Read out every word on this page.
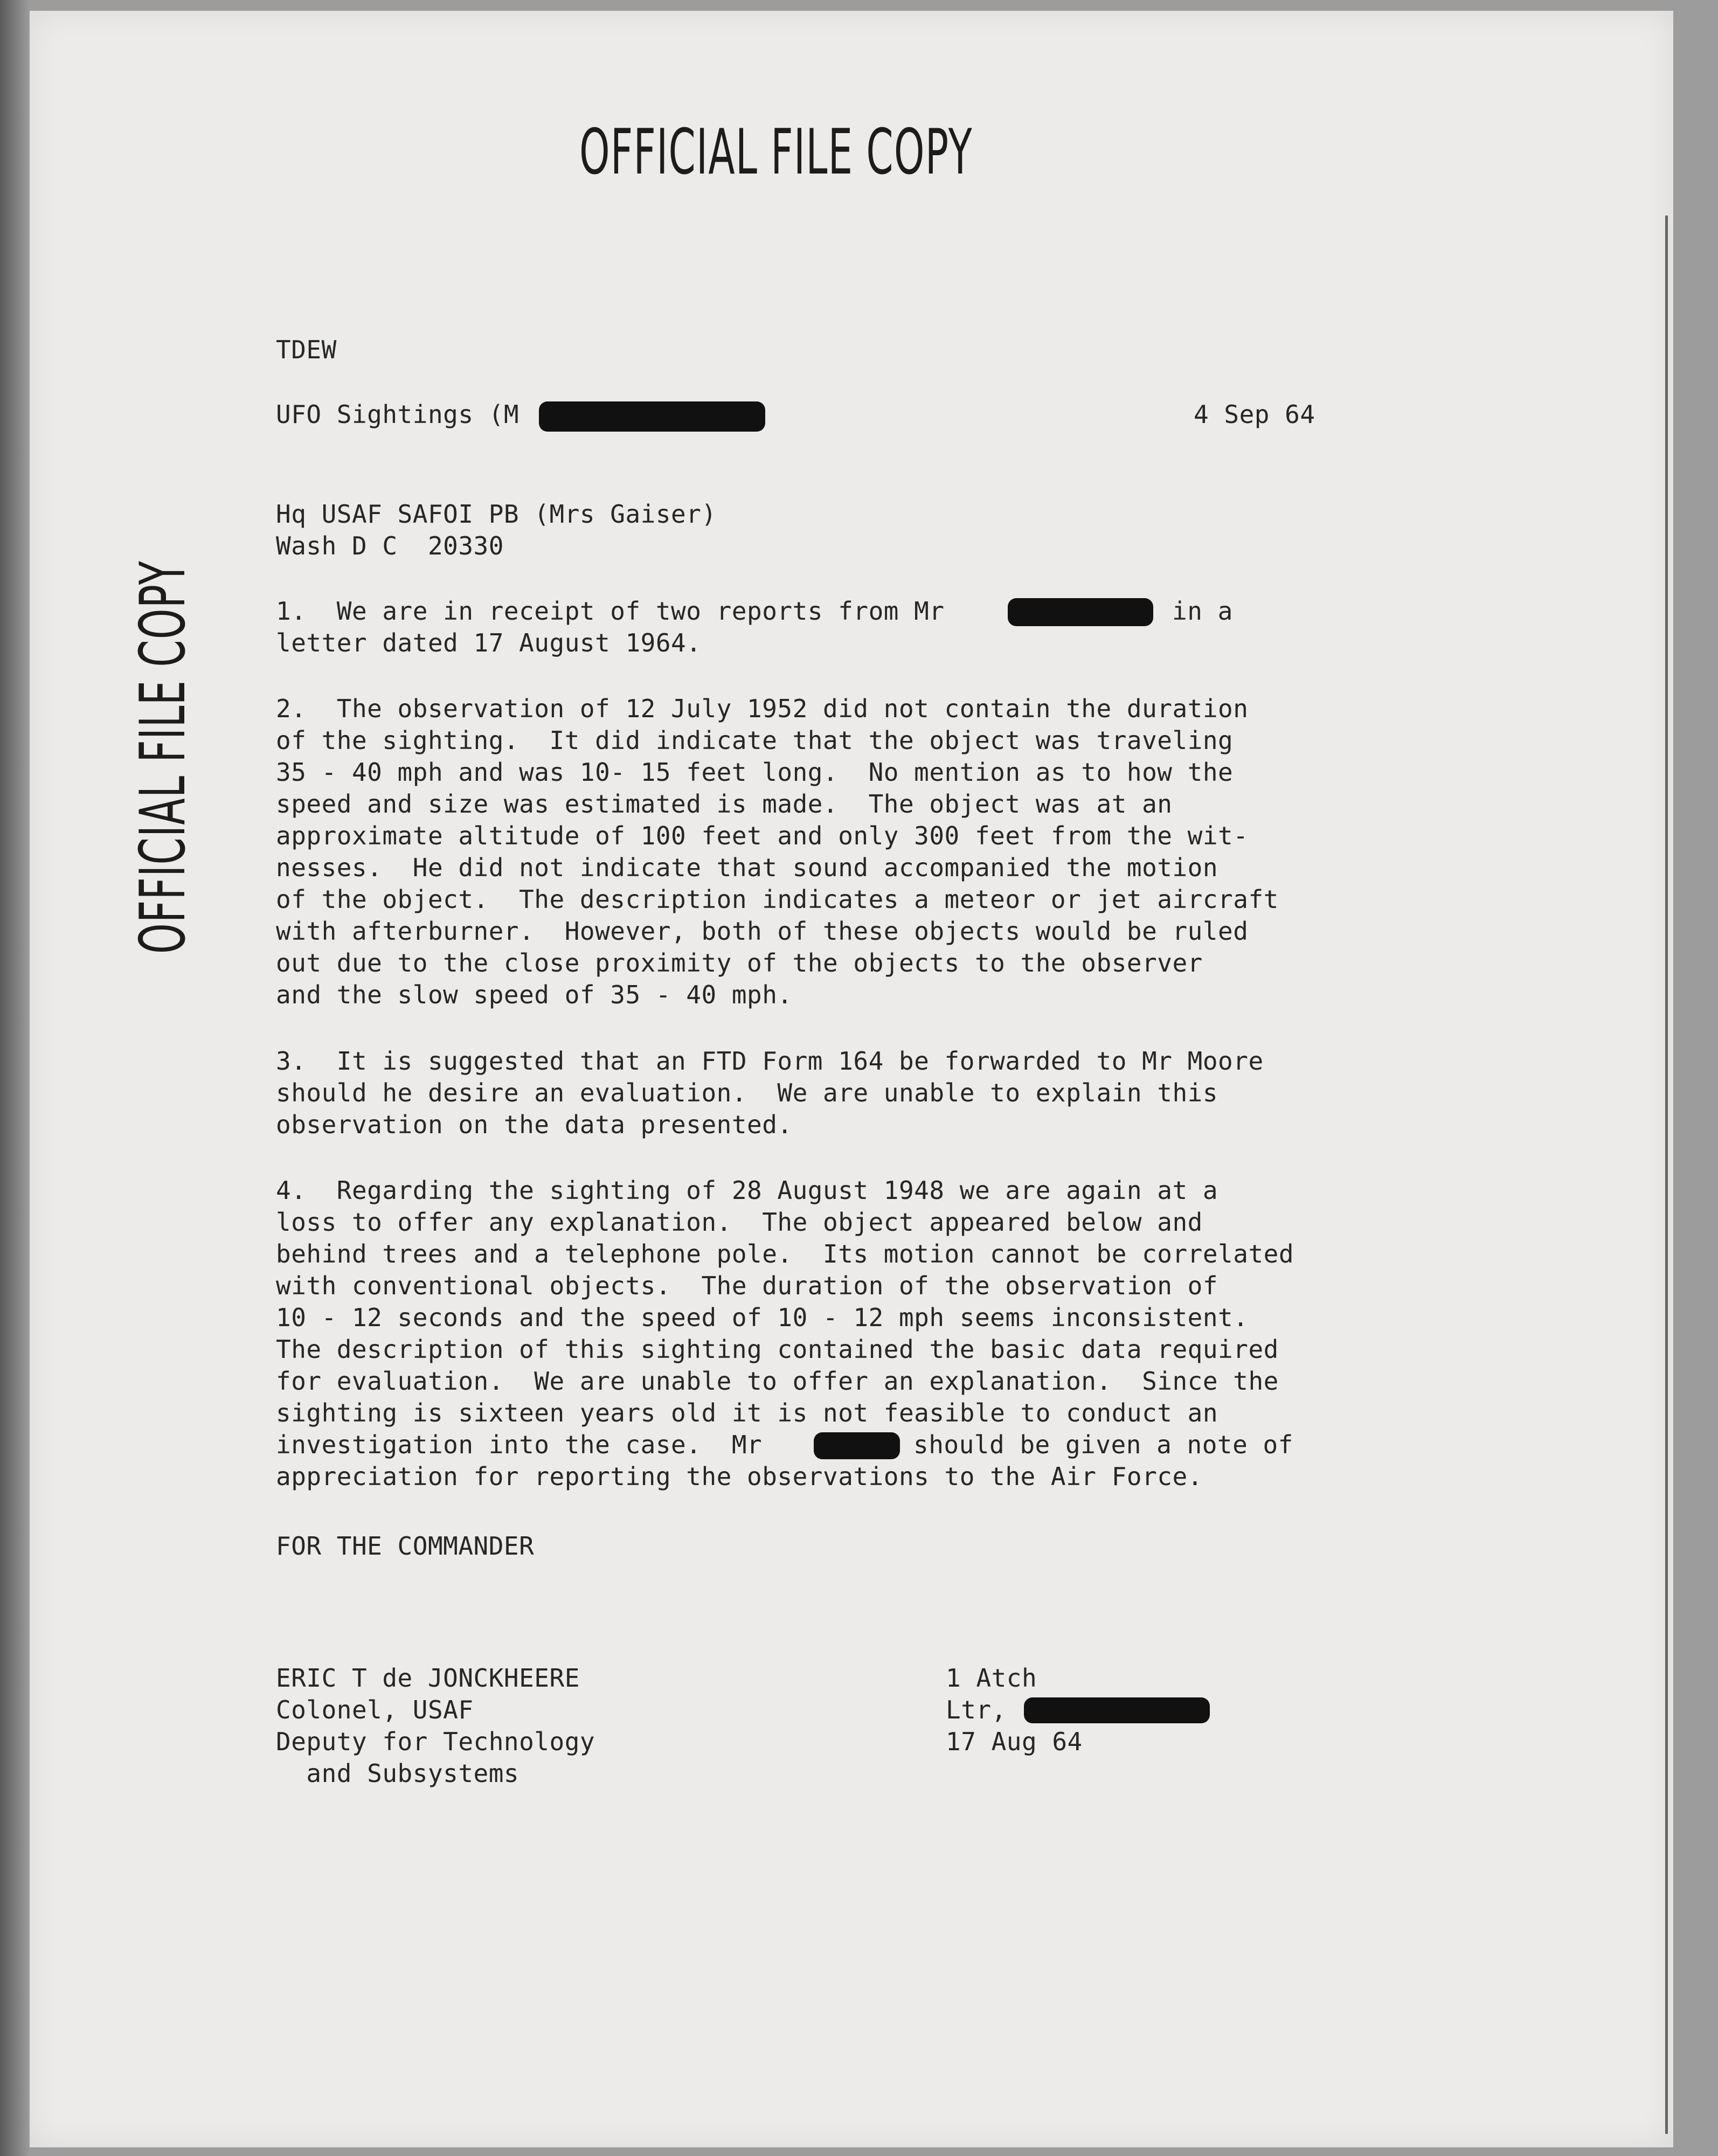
OFFICIAL FILE COPY
OFFICIAL FILE COPY
TDEW
UFO Sightings (M	4 Sep 64
Hq USAF SAFOI PB (Mrs Gaiser)
Wash D C  20330
1.  We are in receipt of two reports from Mr	in a
letter dated 17 August 1964.
2.  The observation of 12 July 1952 did not contain the duration
of the sighting.  It did indicate that the object was traveling
35 - 40 mph and was 10- 15 feet long.  No mention as to how the
speed and size was estimated is made.  The object was at an
approximate altitude of 100 feet and only 300 feet from the wit-
nesses.  He did not indicate that sound accompanied the motion
of the object.  The description indicates a meteor or jet aircraft
with afterburner.  However, both of these objects would be ruled
out due to the close proximity of the objects to the observer
and the slow speed of 35 - 40 mph.
3.  It is suggested that an FTD Form 164 be forwarded to Mr Moore
should he desire an evaluation.  We are unable to explain this
observation on the data presented.
4.  Regarding the sighting of 28 August 1948 we are again at a
loss to offer any explanation.  The object appeared below and
behind trees and a telephone pole.  Its motion cannot be correlated
with conventional objects.  The duration of the observation of
10 - 12 seconds and the speed of 10 - 12 mph seems inconsistent.
The description of this sighting contained the basic data required
for evaluation.  We are unable to offer an explanation.  Since the
sighting is sixteen years old it is not feasible to conduct an
investigation into the case.  Mr	should be given a note of
appreciation for reporting the observations to the Air Force.
FOR THE COMMANDER
ERIC T de JONCKHEERE
Colonel, USAF
Deputy for Technology
and Subsystems
1 Atch
Ltr,
17 Aug 64
